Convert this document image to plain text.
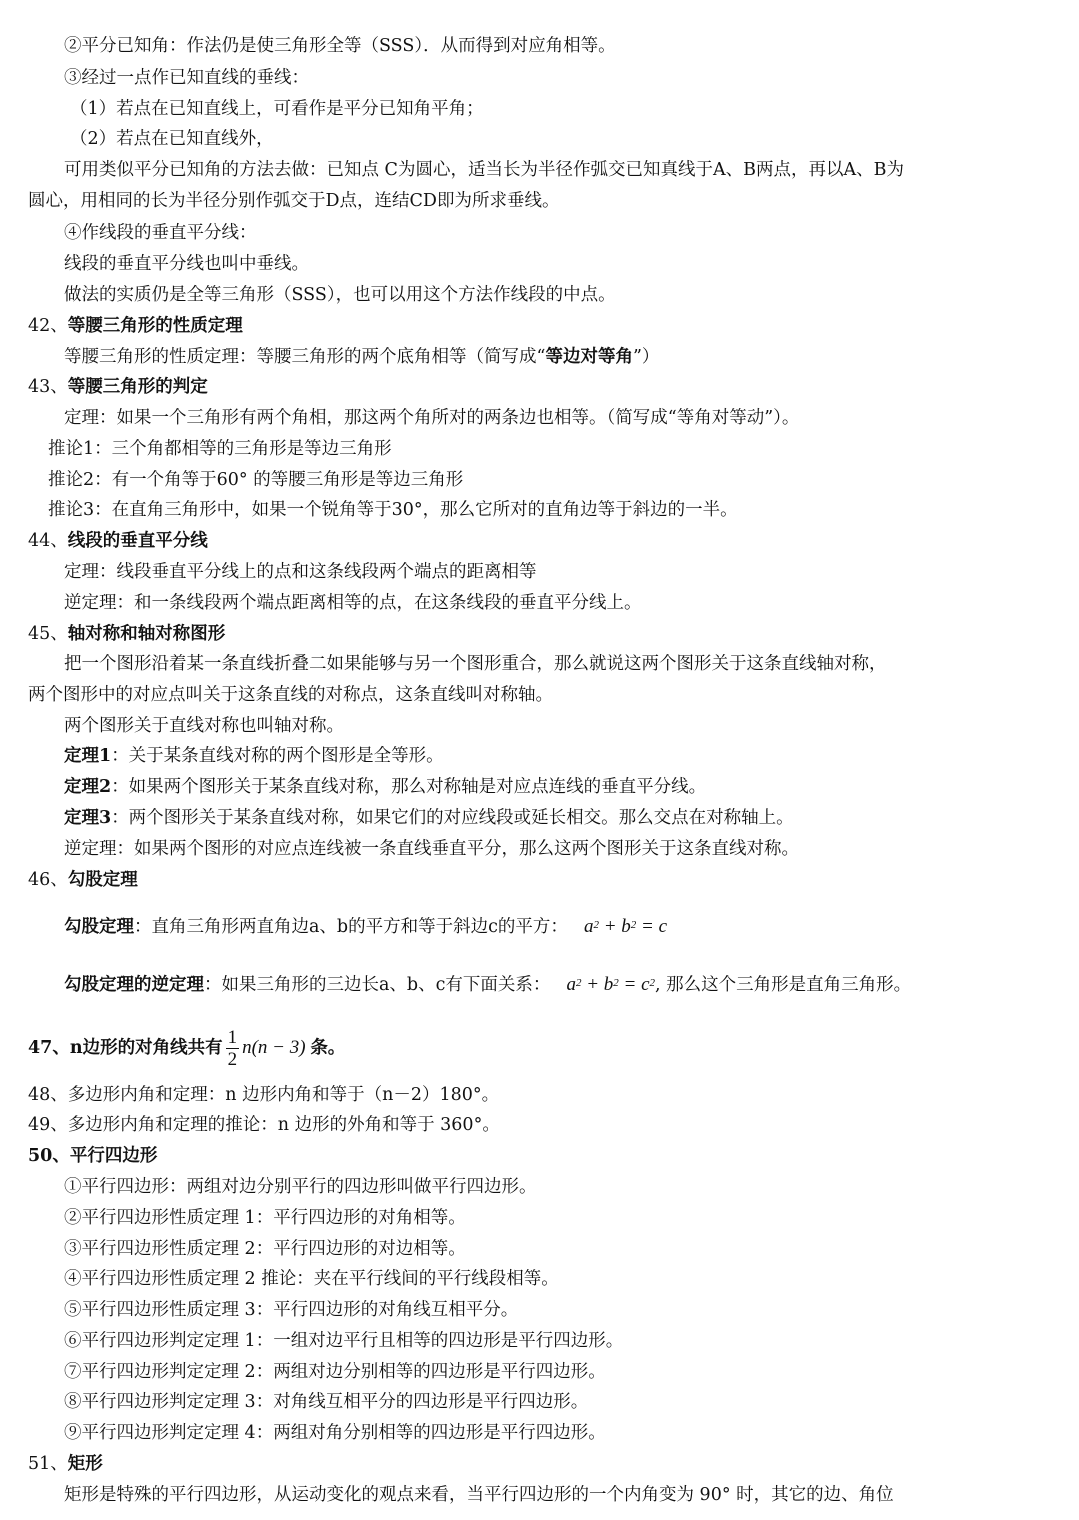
②平分已知角：作法仍是使三角形全等（SSS）．从而得到对应角相等。
③经过一点作已知直线的垂线：
（1）若点在已知直线上，可看作是平分已知角平角；
（2）若点在已知直线外，
可用类似平分已知角的方法去做：已知点 C为圆心，适当长为半径作弧交已知真线于A、B两点，再以A、B为
圆心，用相同的长为半径分别作弧交于D点，连结CD即为所求垂线。
④作线段的垂直平分线：
线段的垂直平分线也叫中垂线。
做法的实质仍是全等三角形（SSS），也可以用这个方法作线段的中点。
42、等腰三角形的性质定理
等腰三角形的性质定理：等腰三角形的两个底角相等（简写成“等边对等角”）
43、等腰三角形的判定
定理：如果一个三角形有两个角相，那这两个角所对的两条边也相等。（简写成“等角对等动”）。
推论1：三个角都相等的三角形是等边三角形
推论2：有一个角等于60° 的等腰三角形是等边三角形
推论3：在直角三角形中，如果一个锐角等于30°，那么它所对的直角边等于斜边的一半。
44、线段的垂直平分线
定理：线段垂直平分线上的点和这条线段两个端点的距离相等
逆定理：和一条线段两个端点距离相等的点，在这条线段的垂直平分线上。
45、轴对称和轴对称图形
把一个图形沿着某一条直线折叠二如果能够与另一个图形重合，那么就说这两个图形关于这条直线轴对称，
两个图形中的对应点叫关于这条直线的对称点，这条直线叫对称轴。
两个图形关于直线对称也叫轴对称。
定理1：关于某条直线对称的两个图形是全等形。
定理2：如果两个图形关于某条直线对称，那么对称轴是对应点连线的垂直平分线。
定理3：两个图形关于某条直线对称，如果它们的对应线段或延长相交。那么交点在对称轴上。
逆定理：如果两个图形的对应点连线被一条直线垂直平分，那么这两个图形关于这条直线对称。
46、勾股定理
勾股定理：直角三角形两直角边a、b的平方和等于斜边c的平方： $a^2 + b^2 = c$
勾股定理的逆定理：如果三角形的三边长a、b、c有下面关系： $a^2 + b^2 = c^2$, 那么这个三角形是直角三角形。
47、n边形的对角线共有 $\frac{1}{2} n(n - 3)$ 条。
48、多边形内角和定理：n 边形内角和等于（n－2）180°。
49、多边形内角和定理的推论：n 边形的外角和等于 360°。
50、平行四边形
①平行四边形：两组对边分别平行的四边形叫做平行四边形。
②平行四边形性质定理 1：平行四边形的对角相等。
③平行四边形性质定理 2：平行四边形的对边相等。
④平行四边形性质定理 2 推论：夹在平行线间的平行线段相等。
⑤平行四边形性质定理 3：平行四边形的对角线互相平分。
⑥平行四边形判定定理 1：一组对边平行且相等的四边形是平行四边形。
⑦平行四边形判定定理 2：两组对边分别相等的四边形是平行四边形。
⑧平行四边形判定定理 3：对角线互相平分的四边形是平行四边形。
⑨平行四边形判定定理 4：两组对角分别相等的四边形是平行四边形。
51、矩形
矩形是特殊的平行四边形，从运动变化的观点来看，当平行四边形的一个内角变为 90° 时，其它的边、角位
